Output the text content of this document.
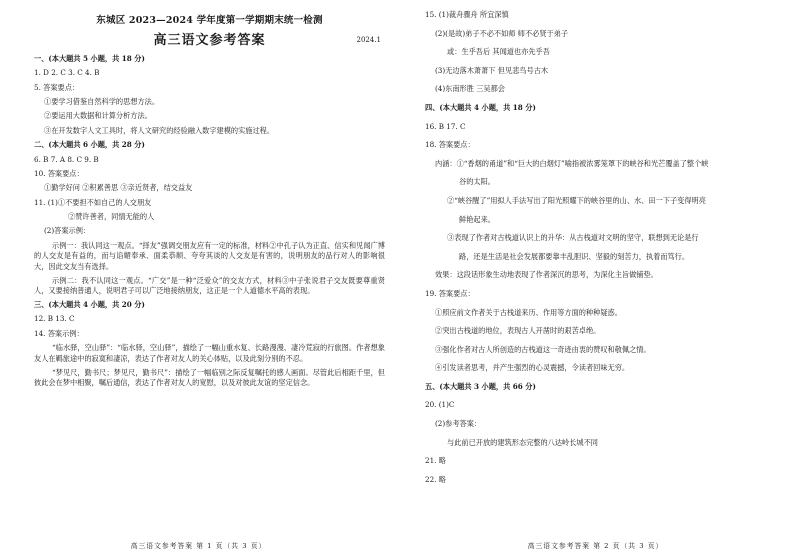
东城区 2023—2024 学年度第一学期期末统一检测
高三语文参考答案	2024.1
一、(本大题共 5 小题，共 18 分)
1. D 2. C 3. C 4. B
5. 答案要点：
①要学习借鉴自然科学的思想方法。
②要运用大数据和计算分析方法。
③在开发数字人文工具时，将人文研究的经验融入数字建模的实施过程。
二、(本大题共 6 小题，共 28 分)
6. B 7. A 8. C 9. B
10. 答案要点：
①勤学好问 ②积累善思 ③亲近贤者，结交益友
11. (1)①不要担不如自己的人交朋友
②赞许善者，同情无能的人
(2)答案示例：

示例一：我认同这一观点。“择友”强调交朋友应有一定的标准，材料②中孔子认为正直、信实和见闻广博的人交友是有益的，而与谄媚奉承、面柔恭顺、夸夸其谈的人交友是有害的，说明朋友的品行对人的影响很大，因此交友当有选择。

示例二：我不认同这一观点。“广交”是一种“泛爱众”的交友方式，材料③中子张说君子交友既要尊重贤人，又要接纳普通人，说明君子可以广泛地接纳朋友，这正是一个人道德水平高的表现。

三、(本大题共 4 小题，共 20 分)
12. B 13. C
14. 答案示例：

“临水驿，空山驿”：“临水驿，空山驿”，描绘了一幅山重水复、长路漫漫、凄冷荒寂的行旅图。作者想象友人在羁旅途中的寂寞和凄凉，表达了作者对友人的关心体贴，以及此刻分别的不忍。

“梦见尺，勤书尺；梦见尺，勤书尺”：描绘了一幅临别之际反复嘱托的感人画面。尽管此后相距千里，但彼此会在梦中相聚，嘱后通信，表达了作者对友人的宽慰，以及对彼此友谊的坚定信念。

高三语文参考答案 第 1 页（共 3 页）
15. (1)裁舟骤舟 所宜深慎
(2)(是故)弟子不必不如师 师不必贤于弟子
或：生乎吾后 其闻道也亦先乎吾
(3)无边落木萧萧下 但见悲鸟号古木
(4)东南形胜 三吴都会
四、(本大题共 4 小题，共 18 分)
16. B 17. C
18. 答案要点：
内涵：①“香烟的甬道”和“巨大的白烟灯”喻指被浓雾笼罩下的峡谷和光芒覆盖了整个峡
谷的太阳。
②“峡谷醒了”用拟人手法写出了阳光照耀下的峡谷里的山、水、田一下子变得明亮
鲜艳起来。
③表现了作者对古栈道认识上的升华：从古栈道对文明的坚守，联想到无论是行
路，还是生活是社会发展都要靠丰乱胆识、坚毅的刻苦力，执着而笃行。
效果：这段话形象生动地表现了作者深沉的思考，为深化主旨做铺垫。
19. 答案要点：
①照应前文作者关于古栈道来历、作用等方面的种种疑惑。
②突出古栈道的地位，表现古人开凿时的艰苦卓绝。
③强化作者对古人所创造的古栈道这一奇迹由衷的赞叹和敬佩之情。
④引发读者思考，并产生强烈的心灵震撼，令读者回味无穷。
五、(本大题共 3 小题，共 66 分)
20. (1)C
(2)参考答案：
与此前已开放的建筑形态完整的八达岭长城不同
21. 略
22. 略
高三语文参考答案 第 2 页（共 3 页）
